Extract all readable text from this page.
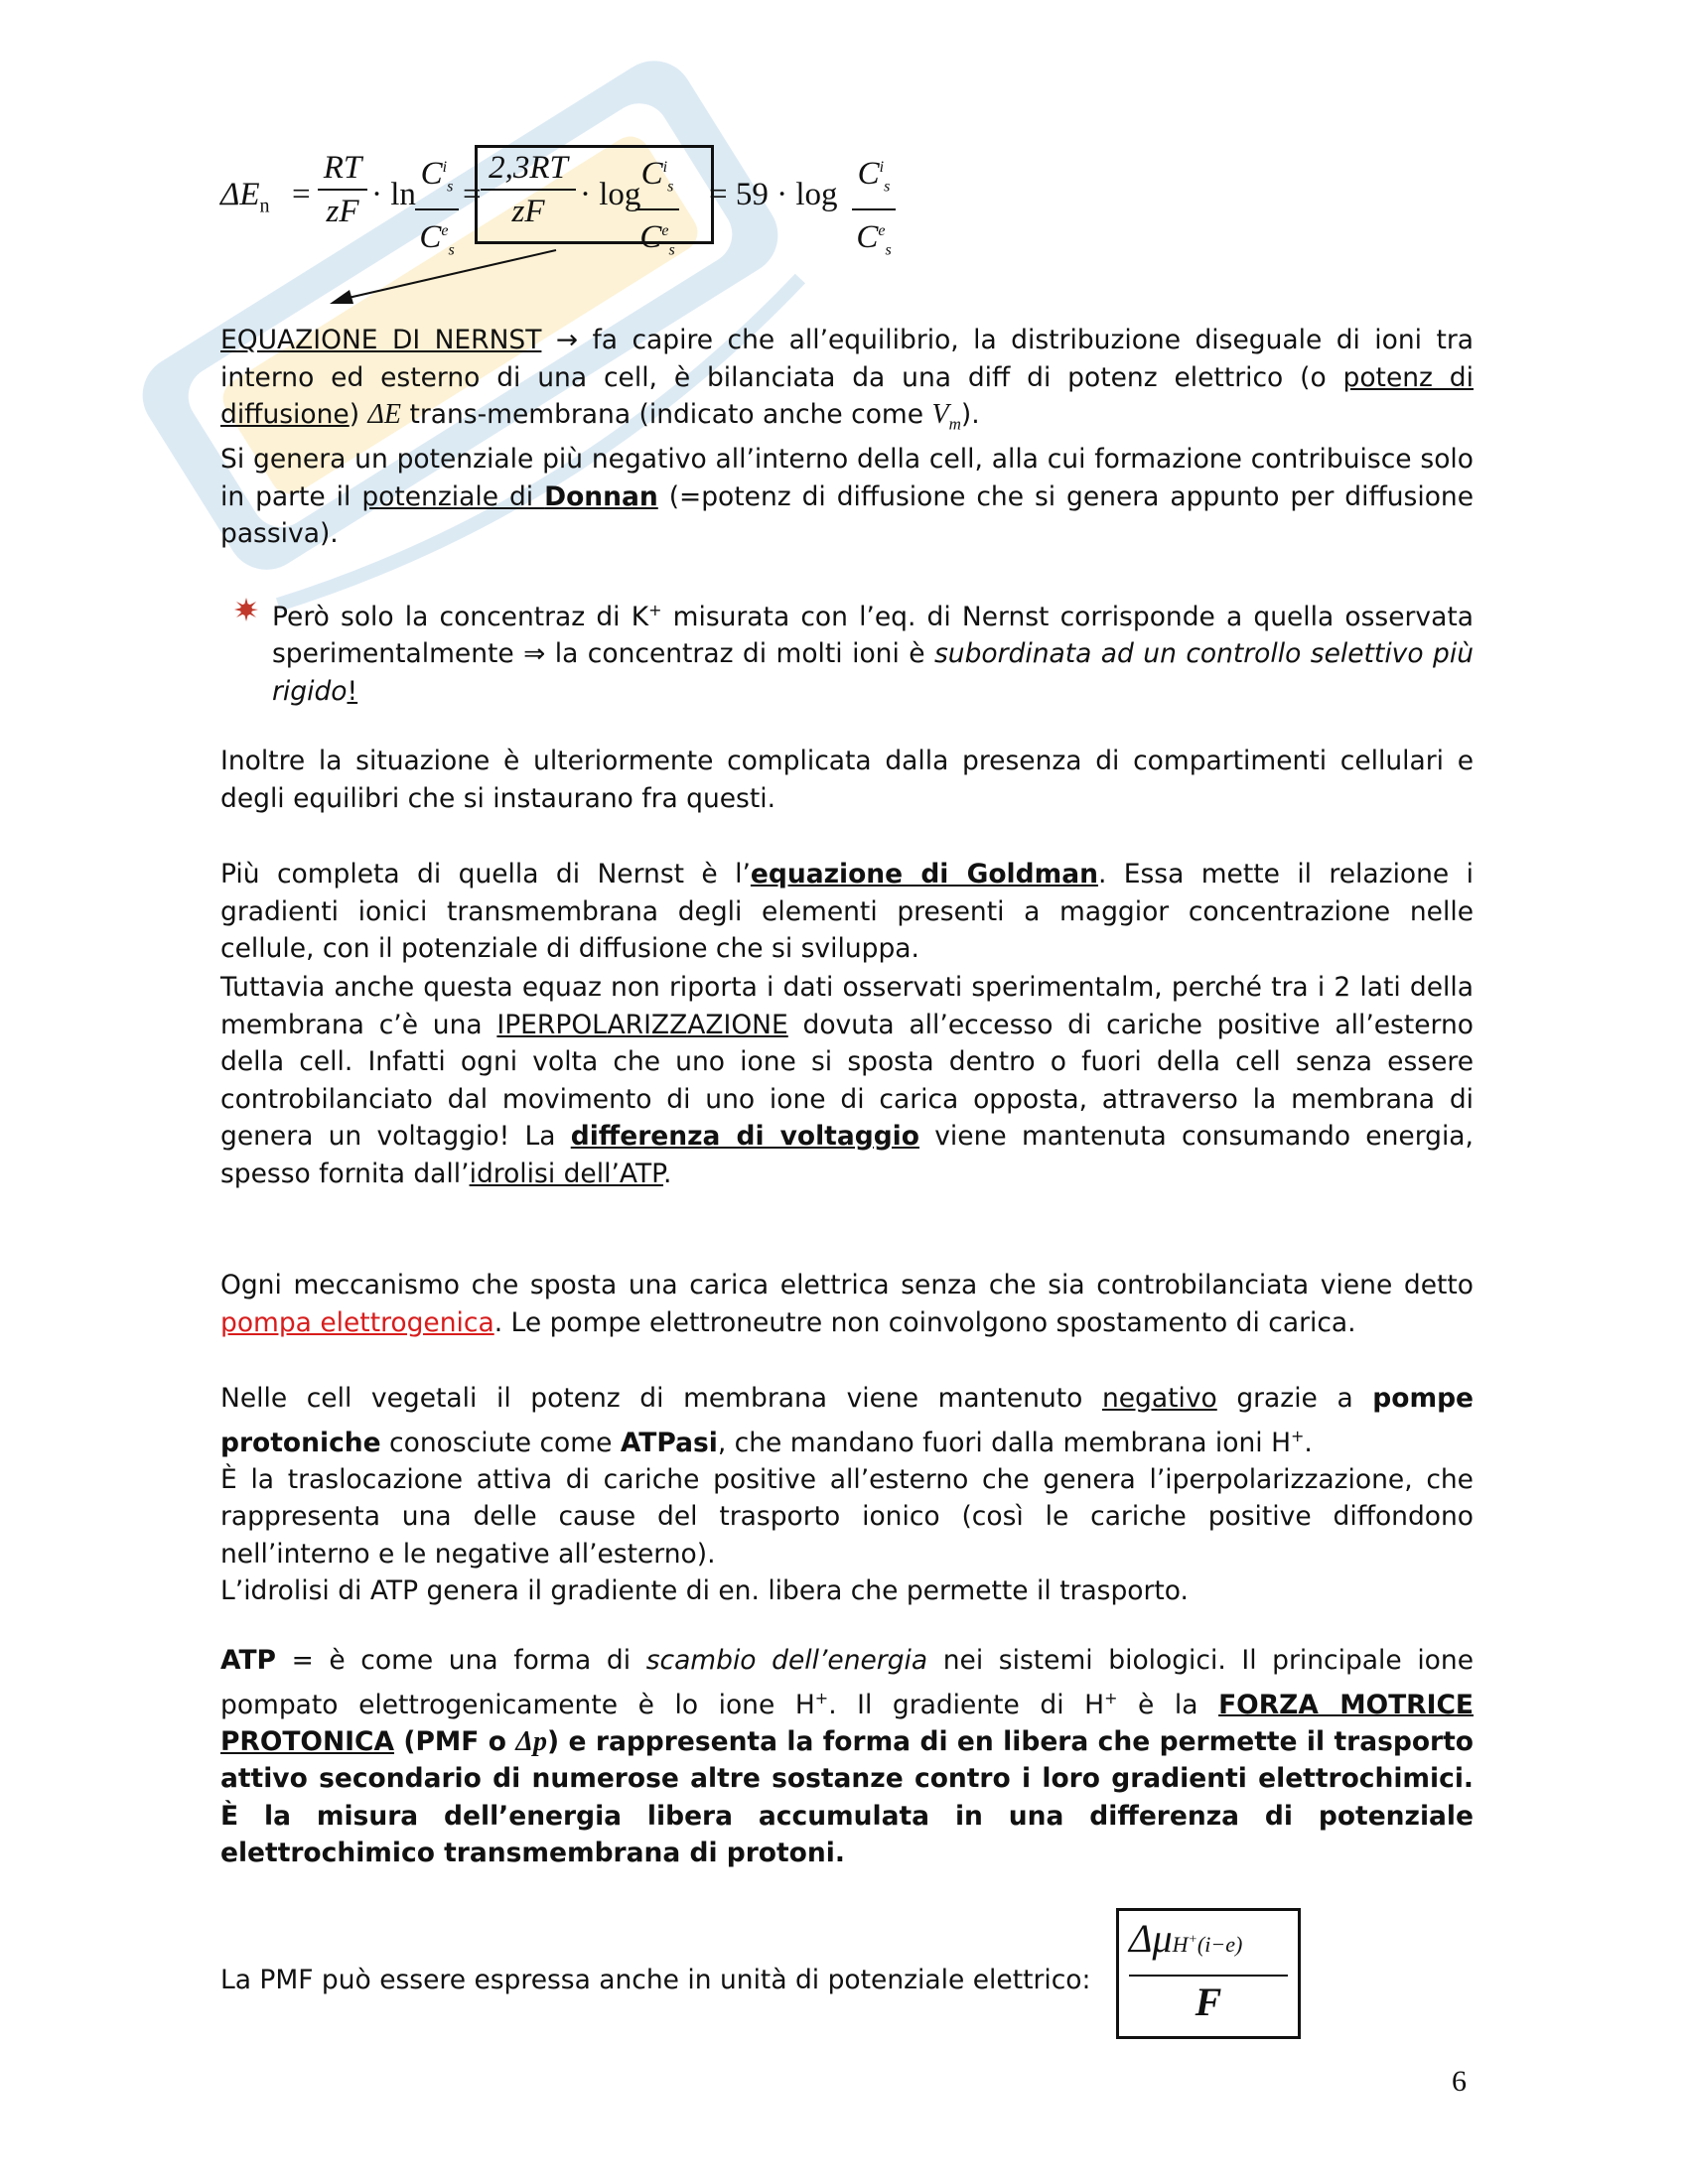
$\Delta E_n$ =
RT
zF · ln
$C^i_s$
$C^e_s$
=
2,3RT
zF	· log
$C^i_s$
$C^e_s$
= 59 · log
$C^i_s$
$C^e_s$
EQUAZIONE DI NERNST → fa capire che all’equilibrio, la distribuzione diseguale di ioni tra interno ed esterno di una cell, è bilanciata da una diff di potenz elettrico (o potenz di diffusione) ΔE trans-membrana (indicato anche come $V_m$).
Si genera un potenziale più negativo all’interno della cell, alla cui formazione contribuisce solo in parte il potenziale di Donnan (=potenz di diffusione che si genera appunto per diffusione passiva).
Però solo la concentraz di K+ misurata con l’eq. di Nernst corrisponde a quella osservata sperimentalmente ⇒ la concentraz di molti ioni è subordinata ad un controllo selettivo più rigido!
Inoltre la situazione è ulteriormente complicata dalla presenza di compartimenti cellulari e degli equilibri che si instaurano fra questi.
Più completa di quella di Nernst è l’equazione di Goldman. Essa mette il relazione i gradienti ionici transmembrana degli elementi presenti a maggior concentrazione nelle cellule, con il potenziale di diffusione che si sviluppa.
Tuttavia anche questa equaz non riporta i dati osservati sperimentalm, perché tra i 2 lati della membrana c’è una IPERPOLARIZZAZIONE dovuta all’eccesso di cariche positive all’esterno della cell. Infatti ogni volta che uno ione si sposta dentro o fuori della cell senza essere controbilanciato dal movimento di uno ione di carica opposta, attraverso la membrana di genera un voltaggio! La differenza di voltaggio viene mantenuta consumando energia, spesso fornita dall’idrolisi dell’ATP.
Ogni meccanismo che sposta una carica elettrica senza che sia controbilanciata viene detto pompa elettrogenica. Le pompe elettroneutre non coinvolgono spostamento di carica.
Nelle cell vegetali il potenz di membrana viene mantenuto negativo grazie a pompe protoniche conosciute come ATPasi, che mandano fuori dalla membrana ioni H+.
È la traslocazione attiva di cariche positive all’esterno che genera l’iperpolarizzazione, che rappresenta una delle cause del trasporto ionico (così le cariche positive diffondono nell’interno e le negative all’esterno).
L’idrolisi di ATP genera il gradiente di en. libera che permette il trasporto.
ATP = è come una forma di scambio dell’energia nei sistemi biologici. Il principale ione pompato elettrogenicamente è lo ione H+. Il gradiente di H+ è la FORZA MOTRICE PROTONICA (PMF o Δp) e rappresenta la forma di en libera che permette il trasporto attivo secondario di numerose altre sostanze contro i loro gradienti elettrochimici. È la misura dell’energia libera accumulata in una differenza di potenziale elettrochimico transmembrana di protoni.
La PMF può essere espressa anche in unità di potenziale elettrico:
ΔμH+(i−e)
F
6
